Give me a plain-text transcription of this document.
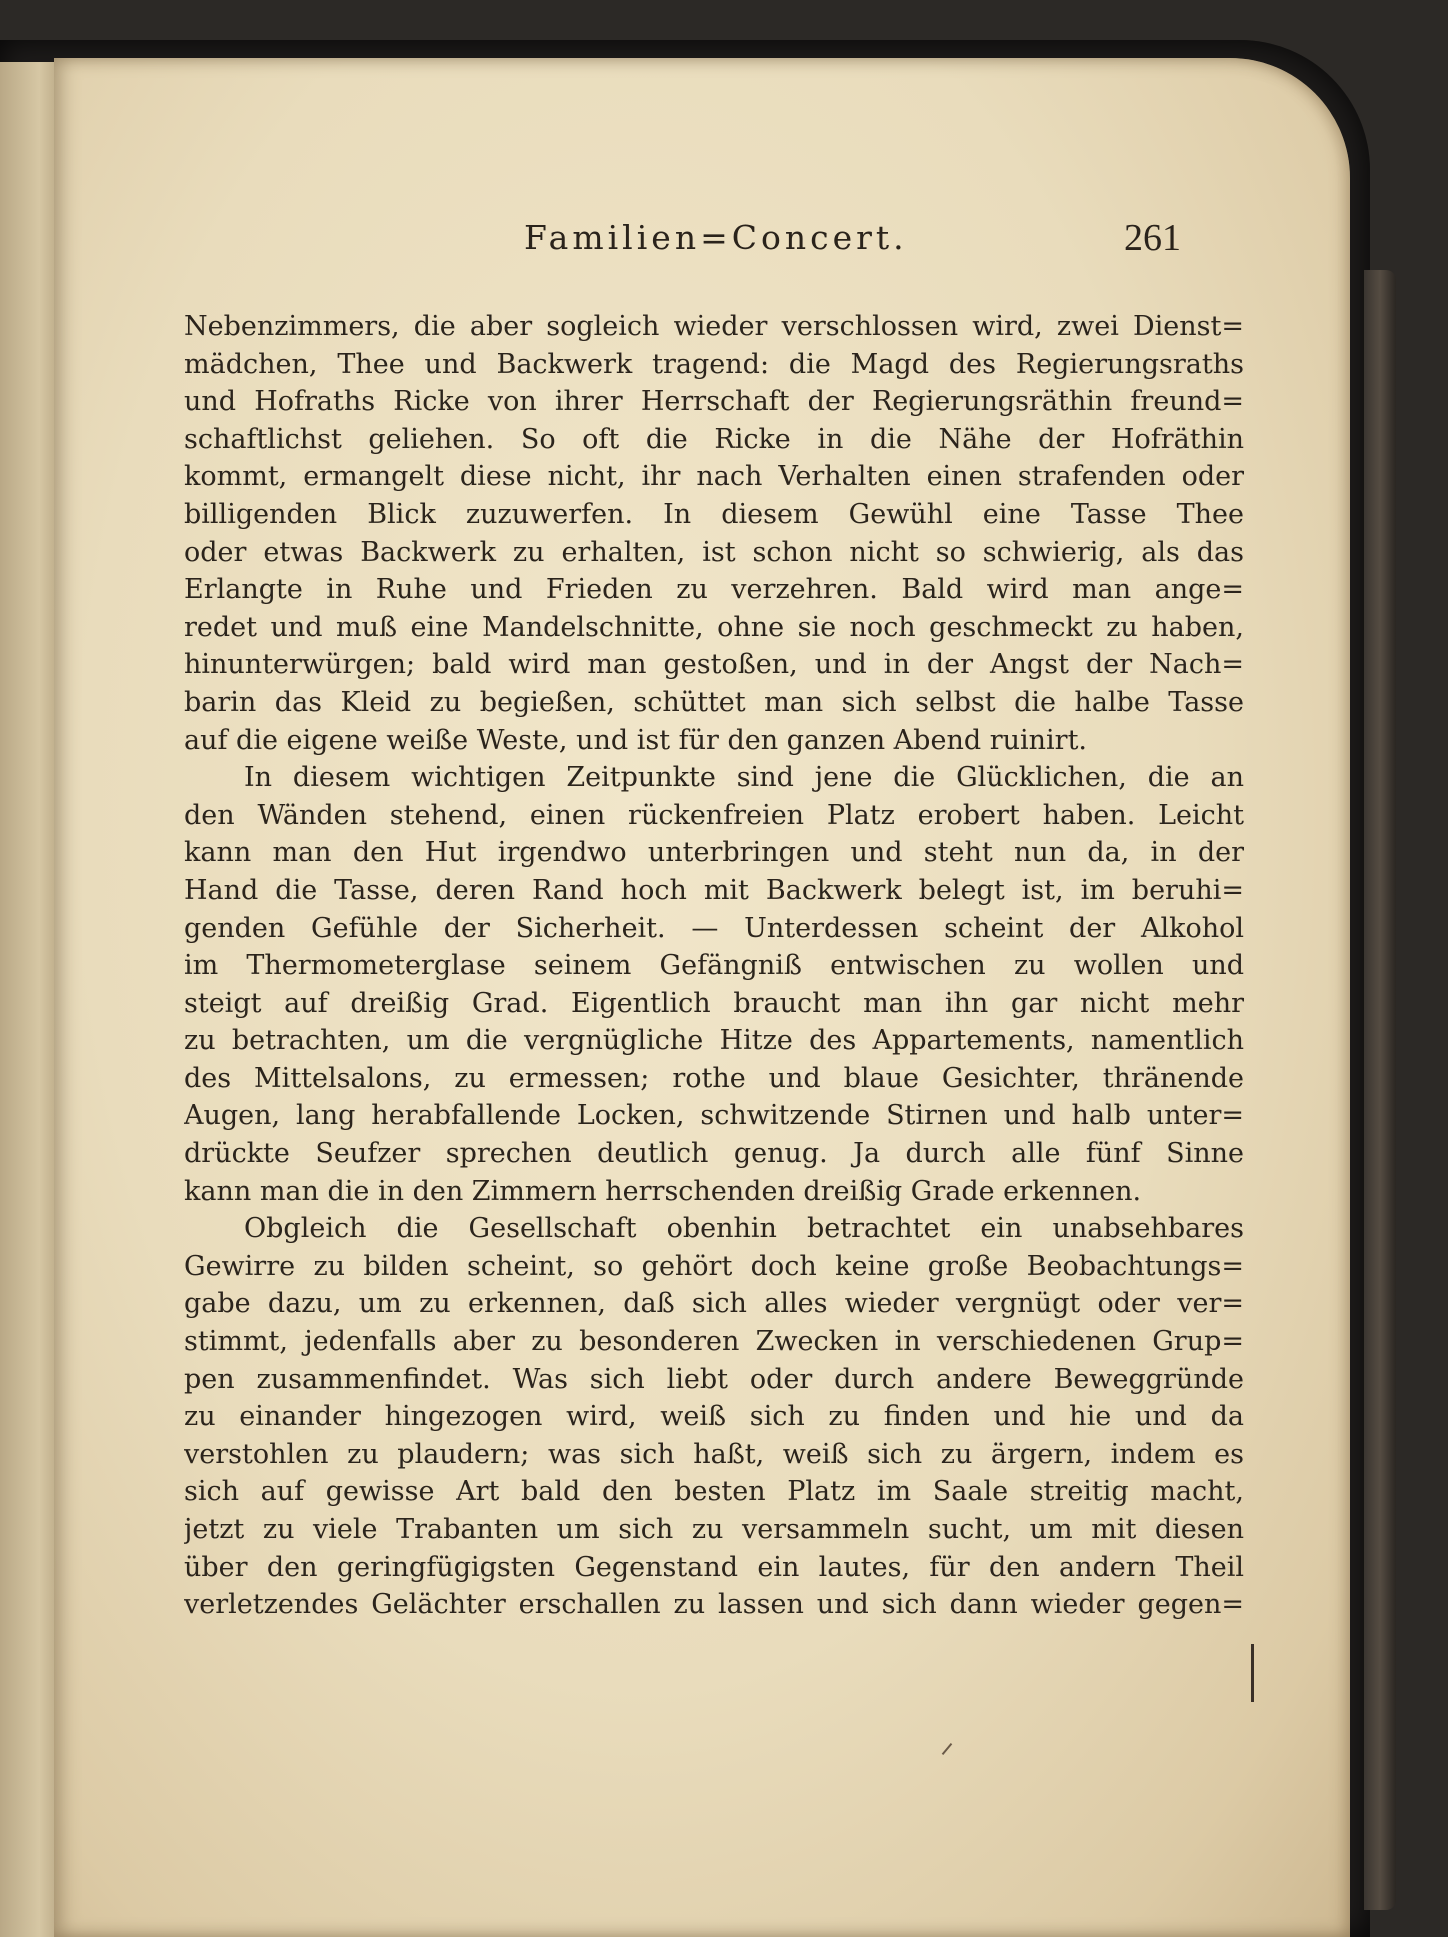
Familien=Concert.	261
Nebenzimmers, die aber sogleich wieder verschlossen wird, zwei Dienst=
mädchen, Thee und Backwerk tragend: die Magd des Regierungsraths
und Hofraths Ricke von ihrer Herrschaft der Regierungsräthin freund=
schaftlichst geliehen. So oft die Ricke in die Nähe der Hofräthin
kommt, ermangelt diese nicht, ihr nach Verhalten einen strafenden oder
billigenden Blick zuzuwerfen. In diesem Gewühl eine Tasse Thee
oder etwas Backwerk zu erhalten, ist schon nicht so schwierig, als das
Erlangte in Ruhe und Frieden zu verzehren. Bald wird man ange=
redet und muß eine Mandelschnitte, ohne sie noch geschmeckt zu haben,
hinunterwürgen; bald wird man gestoßen, und in der Angst der Nach=
barin das Kleid zu begießen, schüttet man sich selbst die halbe Tasse
auf die eigene weiße Weste, und ist für den ganzen Abend ruinirt.
In diesem wichtigen Zeitpunkte sind jene die Glücklichen, die an
den Wänden stehend, einen rückenfreien Platz erobert haben. Leicht
kann man den Hut irgendwo unterbringen und steht nun da, in der
Hand die Tasse, deren Rand hoch mit Backwerk belegt ist, im beruhi=
genden Gefühle der Sicherheit. — Unterdessen scheint der Alkohol
im Thermometerglase seinem Gefängniß entwischen zu wollen und
steigt auf dreißig Grad. Eigentlich braucht man ihn gar nicht mehr
zu betrachten, um die vergnügliche Hitze des Appartements, namentlich
des Mittelsalons, zu ermessen; rothe und blaue Gesichter, thränende
Augen, lang herabfallende Locken, schwitzende Stirnen und halb unter=
drückte Seufzer sprechen deutlich genug. Ja durch alle fünf Sinne
kann man die in den Zimmern herrschenden dreißig Grade erkennen.
Obgleich die Gesellschaft obenhin betrachtet ein unabsehbares
Gewirre zu bilden scheint, so gehört doch keine große Beobachtungs=
gabe dazu, um zu erkennen, daß sich alles wieder vergnügt oder ver=
stimmt, jedenfalls aber zu besonderen Zwecken in verschiedenen Grup=
pen zusammenfindet. Was sich liebt oder durch andere Beweggründe
zu einander hingezogen wird, weiß sich zu finden und hie und da
verstohlen zu plaudern; was sich haßt, weiß sich zu ärgern, indem es
sich auf gewisse Art bald den besten Platz im Saale streitig macht,
jetzt zu viele Trabanten um sich zu versammeln sucht, um mit diesen
über den geringfügigsten Gegenstand ein lautes, für den andern Theil
verletzendes Gelächter erschallen zu lassen und sich dann wieder gegen=
